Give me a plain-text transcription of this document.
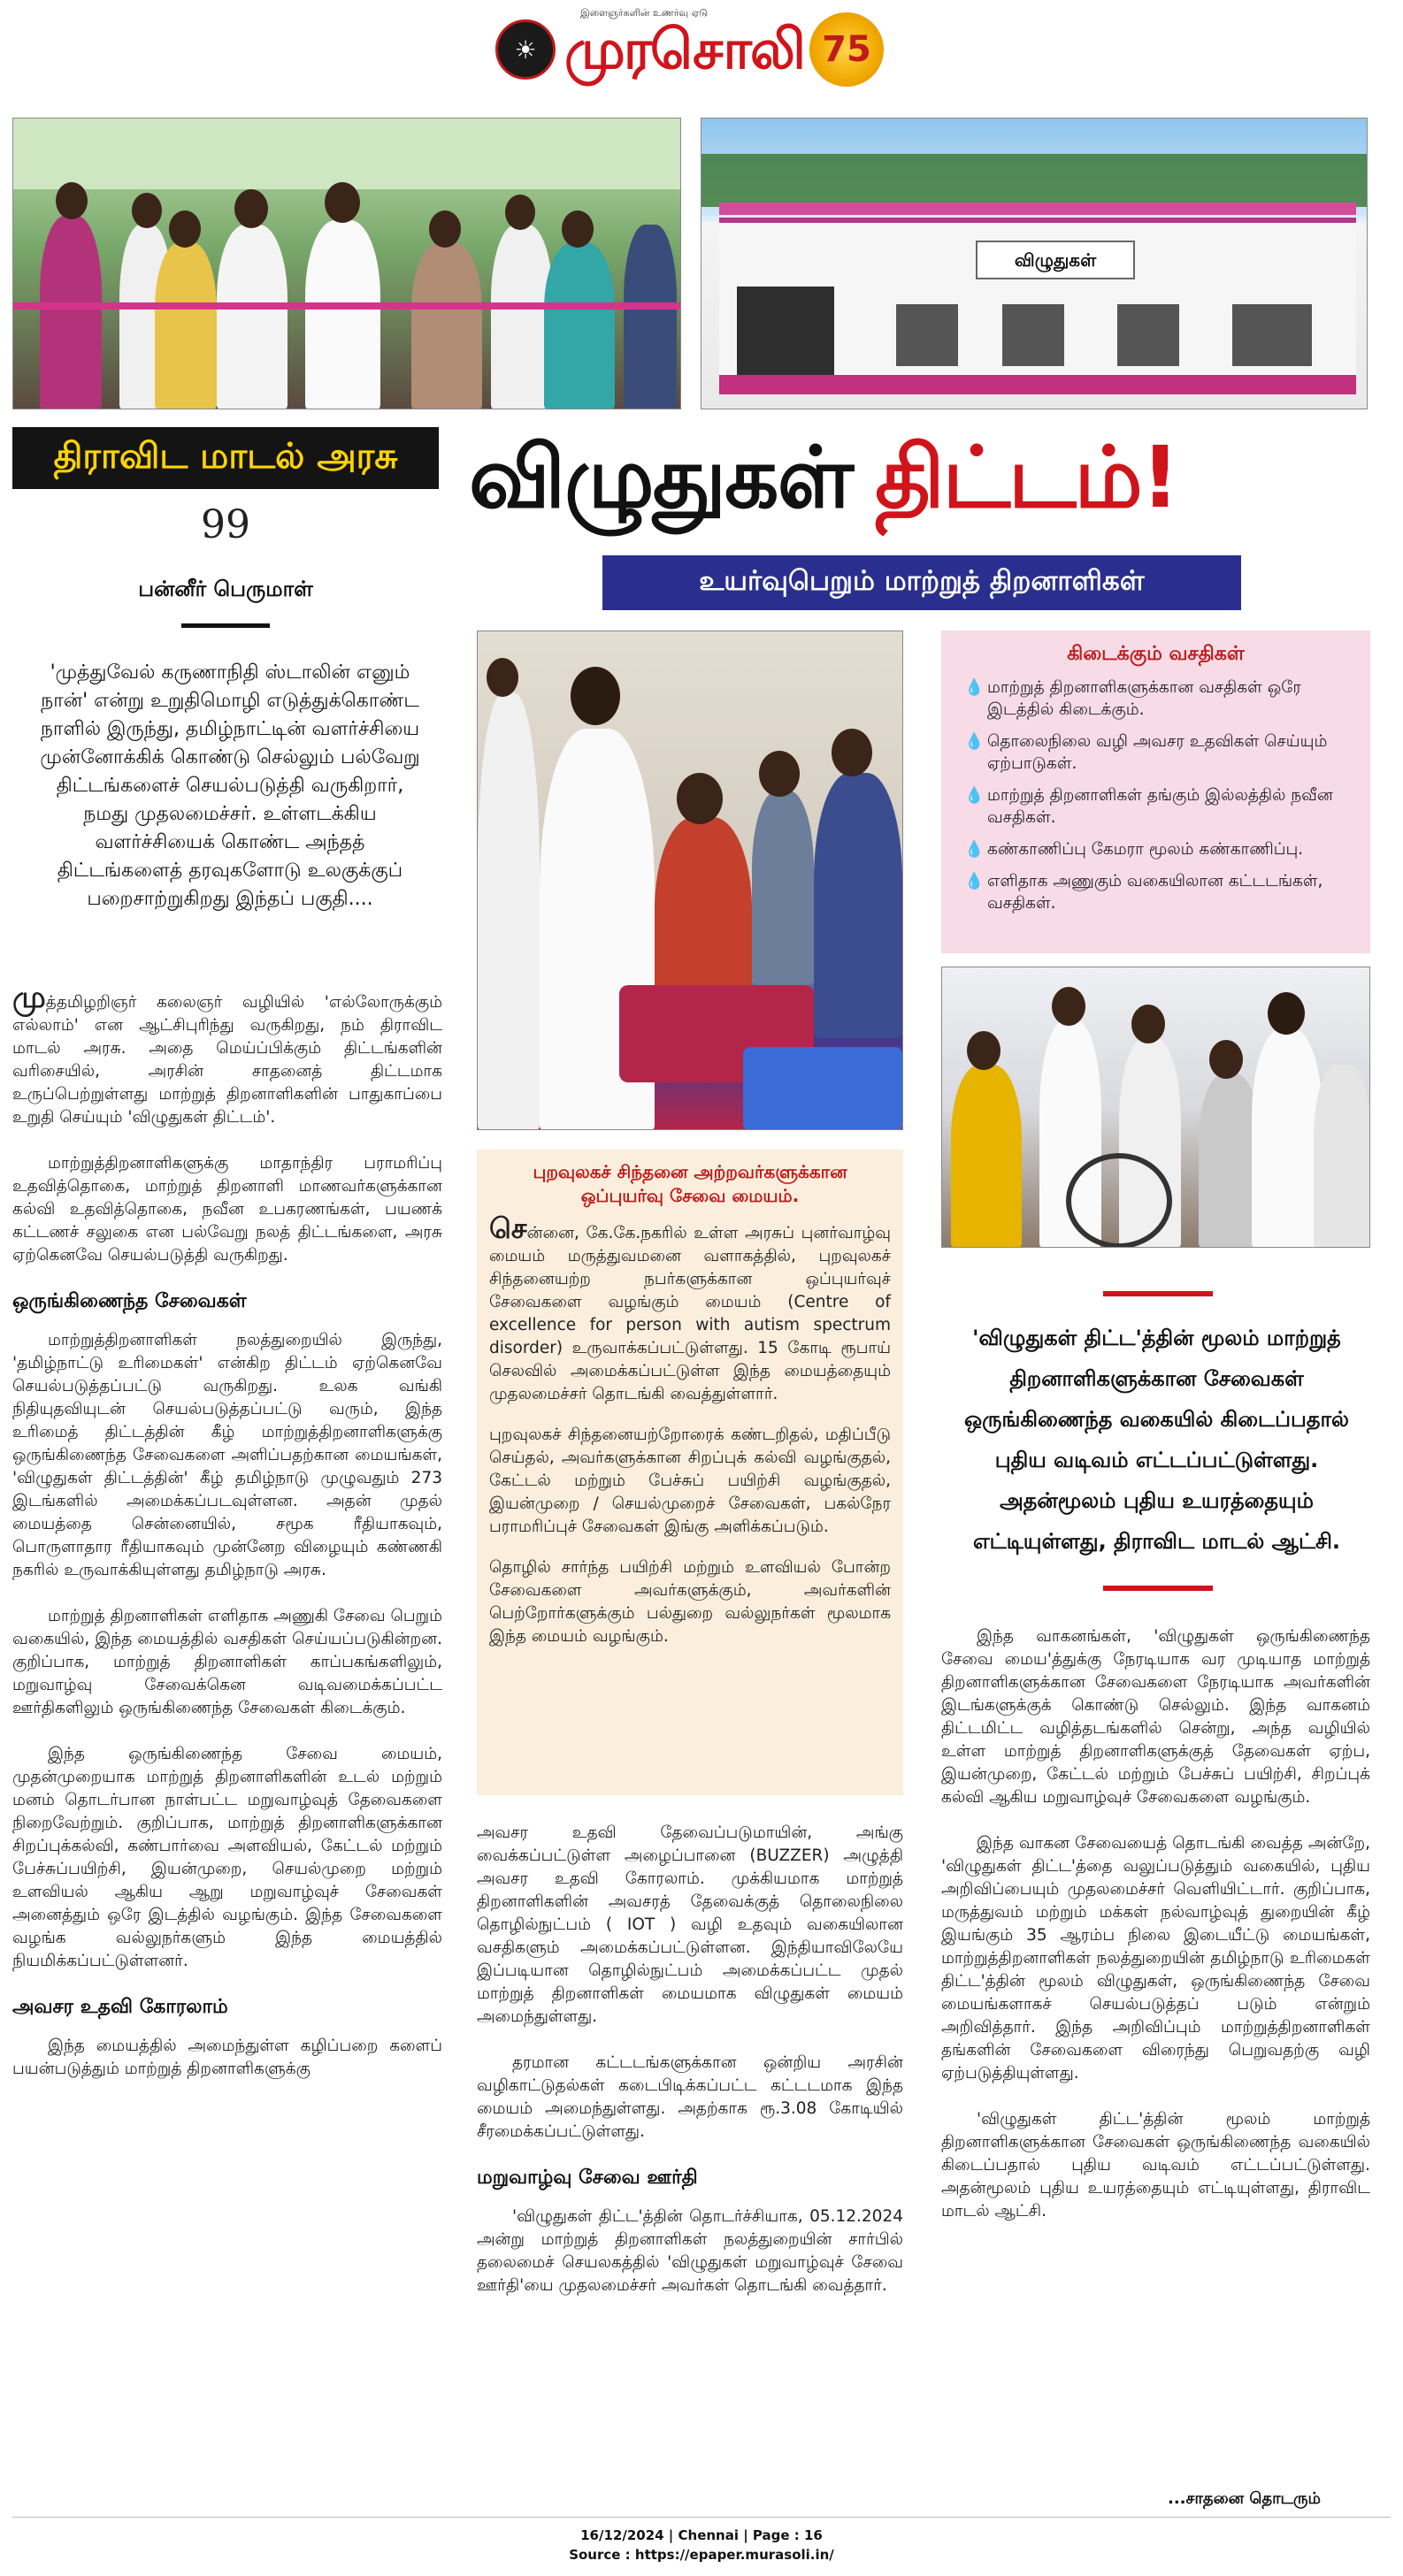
☀ முரசொலி 75
இளைஞர்களின் உணர்வு ஏடு
விழுதுகள்
திராவிட மாடல் அரசு
99
பன்னீர் பெருமாள்
விழுதுகள் திட்டம்!
உயர்வுபெறும் மாற்றுத் திறனாளிகள்
'முத்துவேல் கருணாநிதி ஸ்டாலின் எனும் நான்' என்று உறுதிமொழி எடுத்துக்கொண்ட நாளில் இருந்து, தமிழ்நாட்டின் வளர்ச்சியை முன்னோக்கிக் கொண்டு செல்லும் பல்வேறு திட்டங்களைச் செயல்படுத்தி வருகிறார், நமது முதலமைச்சர். உள்ளடக்கிய வளர்ச்சியைக் கொண்ட அந்தத் திட்டங்களைத் தரவுகளோடு உலகுக்குப் பறைசாற்றுகிறது இந்தப் பகுதி....

முத்தமிழறிஞர் கலைஞர் வழியில் 'எல்லோருக்கும் எல்லாம்' என ஆட்சிபுரிந்து வருகிறது, நம் திராவிட மாடல் அரசு. அதை மெய்ப்பிக்கும் திட்டங்களின் வரிசையில், அரசின் சாதனைத் திட்டமாக உருப்பெற்றுள்ளது மாற்றுத் திறனாளிகளின் பாதுகாப்பை உறுதி செய்யும் 'விழுதுகள் திட்டம்'.

மாற்றுத்திறனாளிகளுக்கு மாதாந்திர பராமரிப்பு உதவித்தொகை, மாற்றுத் திறனாளி மாணவர்களுக்கான கல்வி உதவித்தொகை, நவீன உபகரணங்கள், பயணக் கட்டணச் சலுகை என பல்வேறு நலத் திட்டங்களை, அரசு ஏற்கெனவே செயல்படுத்தி வருகிறது.

ஒருங்கிணைந்த சேவைகள்

மாற்றுத்திறனாளிகள் நலத்துறையில் இருந்து, 'தமிழ்நாட்டு உரிமைகள்' என்கிற திட்டம் ஏற்கெனவே செயல்படுத்தப்பட்டு வருகிறது. உலக வங்கி நிதியுதவியுடன் செயல்படுத்தப்பட்டு வரும், இந்த உரிமைத் திட்டத்தின் கீழ் மாற்றுத்திறனாளிகளுக்கு ஒருங்கிணைந்த சேவைகளை அளிப்பதற்கான மையங்கள், 'விழுதுகள் திட்டத்தின்' கீழ் தமிழ்நாடு முழுவதும் 273 இடங்களில் அமைக்கப்படவுள்ளன. அதன் முதல் மையத்தை சென்னையில், சமூக ரீதியாகவும், பொருளாதார ரீதியாகவும் முன்னேற விழையும் கண்ணகி நகரில் உருவாக்கியுள்ளது தமிழ்நாடு அரசு.

மாற்றுத் திறனாளிகள் எளிதாக அணுகி சேவை பெறும் வகையில், இந்த மையத்தில் வசதிகள் செய்யப்படுகின்றன. குறிப்பாக, மாற்றுத் திறனாளிகள் காப்பகங்களிலும், மறுவாழ்வு சேவைக்கென வடிவமைக்கப்பட்ட ஊர்திகளிலும் ஒருங்கிணைந்த சேவைகள் கிடைக்கும்.

இந்த ஒருங்கிணைந்த சேவை மையம், முதன்முறையாக மாற்றுத் திறனாளிகளின் உடல் மற்றும் மனம் தொடர்பான நாள்பட்ட மறுவாழ்வுத் தேவைகளை நிறைவேற்றும். குறிப்பாக, மாற்றுத் திறனாளிகளுக்கான சிறப்புக்கல்வி, கண்பார்வை அளவியல், கேட்டல் மற்றும் பேச்சுப்பயிற்சி, இயன்முறை, செயல்முறை மற்றும் உளவியல் ஆகிய ஆறு மறுவாழ்வுச் சேவைகள் அனைத்தும் ஒரே இடத்தில் வழங்கும். இந்த சேவைகளை வழங்க வல்லுநர்களும் இந்த மையத்தில் நியமிக்கப்பட்டுள்ளனர்.

அவசர உதவி கோரலாம்

இந்த மையத்தில் அமைந்துள்ள கழிப்பறை களைப் பயன்படுத்தும் மாற்றுத் திறனாளிகளுக்கு

கிடைக்கும் வசதிகள்
💧 மாற்றுத் திறனாளிகளுக்கான வசதிகள் ஒரே இடத்தில் கிடைக்கும்.
💧 தொலைநிலை வழி அவசர உதவிகள் செய்யும் ஏற்பாடுகள்.
💧 மாற்றுத் திறனாளிகள் தங்கும் இல்லத்தில் நவீன வசதிகள்.
💧 கண்காணிப்பு கேமரா மூலம் கண்காணிப்பு.
💧 எளிதாக அணுகும் வகையிலான கட்டடங்கள், வசதிகள்.
புறவுலகச் சிந்தனை அற்றவர்களுக்கான ஒப்புயர்வு சேவை மையம்.

சென்னை, கே.கே.நகரில் உள்ள அரசுப் புனர்வாழ்வு மையம் மருத்துவமனை வளாகத்தில், புறவுலகச் சிந்தனையற்ற நபர்களுக்கான ஒப்புயர்வுச் சேவைகளை வழங்கும் மையம் (Centre of excellence for person with autism spectrum disorder) உருவாக்கப்பட்டுள்ளது. 15 கோடி ரூபாய் செலவில் அமைக்கப்பட்டுள்ள இந்த மையத்தையும் முதலமைச்சர் தொடங்கி வைத்துள்ளார்.

புறவுலகச் சிந்தனையற்றோரைக் கண்டறிதல், மதிப்பீடு செய்தல், அவர்களுக்கான சிறப்புக் கல்வி வழங்குதல், கேட்டல் மற்றும் பேச்சுப் பயிற்சி வழங்குதல், இயன்முறை / செயல்முறைச் சேவைகள், பகல்நேர பராமரிப்புச் சேவைகள் இங்கு அளிக்கப்படும்.

தொழில் சார்ந்த பயிற்சி மற்றும் உளவியல் போன்ற சேவைகளை அவர்களுக்கும், அவர்களின் பெற்றோர்களுக்கும் பல்துறை வல்லுநர்கள் மூலமாக இந்த மையம் வழங்கும்.

அவசர உதவி தேவைப்படுமாயின், அங்கு வைக்கப்பட்டுள்ள அழைப்பானை (BUZZER) அழுத்தி அவசர உதவி கோரலாம். முக்கியமாக மாற்றுத் திறனாளிகளின் அவசரத் தேவைக்குத் தொலைநிலை தொழில்நுட்பம் ( IOT ) வழி உதவும் வகையிலான வசதிகளும் அமைக்கப்பட்டுள்ளன. இந்தியாவிலேயே இப்படியான தொழில்நுட்பம் அமைக்கப்பட்ட முதல் மாற்றுத் திறனாளிகள் மையமாக விழுதுகள் மையம் அமைந்துள்ளது.

தரமான கட்டடங்களுக்கான ஒன்றிய அரசின் வழிகாட்டுதல்கள் கடைபிடிக்கப்பட்ட கட்டடமாக இந்த மையம் அமைந்துள்ளது. அதற்காக ரூ.3.08 கோடியில் சீரமைக்கப்பட்டுள்ளது.

மறுவாழ்வு சேவை ஊர்தி

'விழுதுகள் திட்ட'த்தின் தொடர்ச்சியாக, 05.12.2024 அன்று மாற்றுத் திறனாளிகள் நலத்துறையின் சார்பில் தலைமைச் செயலகத்தில் 'விழுதுகள் மறுவாழ்வுச் சேவை ஊர்தி'யை முதலமைச்சர் அவர்கள் தொடங்கி வைத்தார்.

'விழுதுகள் திட்ட'த்தின் மூலம் மாற்றுத் திறனாளிகளுக்கான சேவைகள் ஒருங்கிணைந்த வகையில் கிடைப்பதால் புதிய வடிவம் எட்டப்பட்டுள்ளது. அதன்மூலம் புதிய உயரத்தையும் எட்டியுள்ளது, திராவிட மாடல் ஆட்சி.

இந்த வாகனங்கள், 'விழுதுகள் ஒருங்கிணைந்த சேவை மைய'த்துக்கு நேரடியாக வர முடியாத மாற்றுத் திறனாளிகளுக்கான சேவைகளை நேரடியாக அவர்களின் இடங்களுக்குக் கொண்டு செல்லும். இந்த வாகனம் திட்டமிட்ட வழித்தடங்களில் சென்று, அந்த வழியில் உள்ள மாற்றுத் திறனாளிகளுக்குத் தேவைகள் ஏற்ப, இயன்முறை, கேட்டல் மற்றும் பேச்சுப் பயிற்சி, சிறப்புக் கல்வி ஆகிய மறுவாழ்வுச் சேவைகளை வழங்கும்.

இந்த வாகன சேவையைத் தொடங்கி வைத்த அன்றே, 'விழுதுகள் திட்ட'த்தை வலுப்படுத்தும் வகையில், புதிய அறிவிப்பையும் முதலமைச்சர் வெளியிட்டார். குறிப்பாக, மருத்துவம் மற்றும் மக்கள் நல்வாழ்வுத் துறையின் கீழ் இயங்கும் 35 ஆரம்ப நிலை இடையீட்டு மையங்கள், மாற்றுத்திறனாளிகள் நலத்துறையின் தமிழ்நாடு உரிமைகள் திட்ட'த்தின் மூலம் விழுதுகள், ஒருங்கிணைந்த சேவை மையங்களாகச் செயல்படுத்தப் படும் என்றும் அறிவித்தார். இந்த அறிவிப்பும் மாற்றுத்திறனாளிகள் தங்களின் சேவைகளை விரைந்து பெறுவதற்கு வழி ஏற்படுத்தியுள்ளது.

'விழுதுகள் திட்ட'த்தின் மூலம் மாற்றுத் திறனாளிகளுக்கான சேவைகள் ஒருங்கிணைந்த வகையில் கிடைப்பதால் புதிய வடிவம் எட்டப்பட்டுள்ளது. அதன்மூலம் புதிய உயரத்தையும் எட்டியுள்ளது, திராவிட மாடல் ஆட்சி.

...சாதனை தொடரும்
16/12/2024 | Chennai | Page : 16
Source : https://epaper.murasoli.in/
